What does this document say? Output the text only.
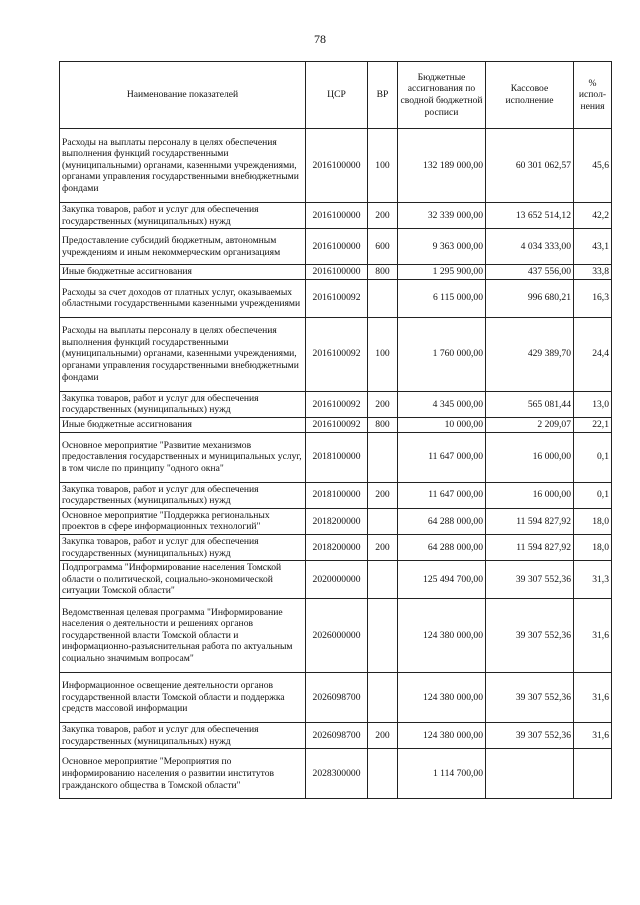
78
Наименование показателей	ЦСР	ВР	Бюджетные ассигнования по сводной бюджетной росписи	Кассовое исполнение	% испол-нения
Расходы на выплаты персоналу в целях обеспечения выполнения функций государственными (муниципальными) органами, казенными учреждениями, органами управления государственными внебюджетными фондами	2016100000	100	132 189 000,00	60 301 062,57	45,6
Закупка товаров, работ и услуг для обеспечения государственных (муниципальных) нужд	2016100000	200	32 339 000,00	13 652 514,12	42,2
Предоставление субсидий бюджетным, автономным учреждениям и иным некоммерческим организациям	2016100000	600	9 363 000,00	4 034 333,00	43,1
Иные бюджетные ассигнования	2016100000	800	1 295 900,00	437 556,00	33,8
Расходы за счет доходов от платных услуг, оказываемых областными государственными казенными учреждениями	2016100092		6 115 000,00	996 680,21	16,3
Расходы на выплаты персоналу в целях обеспечения выполнения функций государственными (муниципальными) органами, казенными учреждениями, органами управления государственными внебюджетными фондами	2016100092	100	1 760 000,00	429 389,70	24,4
Закупка товаров, работ и услуг для обеспечения государственных (муниципальных) нужд	2016100092	200	4 345 000,00	565 081,44	13,0
Иные бюджетные ассигнования	2016100092	800	10 000,00	2 209,07	22,1
Основное мероприятие "Развитие механизмов предоставления государственных и муниципальных услуг, в том числе по принципу "одного окна"	2018100000		11 647 000,00	16 000,00	0,1
Закупка товаров, работ и услуг для обеспечения государственных (муниципальных) нужд	2018100000	200	11 647 000,00	16 000,00	0,1
Основное мероприятие "Поддержка региональных проектов в сфере информационных технологий"	2018200000		64 288 000,00	11 594 827,92	18,0
Закупка товаров, работ и услуг для обеспечения государственных (муниципальных) нужд	2018200000	200	64 288 000,00	11 594 827,92	18,0
Подпрограмма "Информирование населения Томской области о политической, социально-экономической ситуации Томской области"	2020000000		125 494 700,00	39 307 552,36	31,3
Ведомственная целевая программа "Информирование населения о деятельности и решениях органов государственной власти Томской области и информационно-разъяснительная работа по актуальным социально значимым вопросам"	2026000000		124 380 000,00	39 307 552,36	31,6
Информационное освещение деятельности органов государственной власти Томской области и поддержка средств массовой информации	2026098700		124 380 000,00	39 307 552,36	31,6
Закупка товаров, работ и услуг для обеспечения государственных (муниципальных) нужд	2026098700	200	124 380 000,00	39 307 552,36	31,6
Основное мероприятие "Мероприятия по информированию населения о развитии институтов гражданского общества в Томской области"	2028300000		1 114 700,00		
